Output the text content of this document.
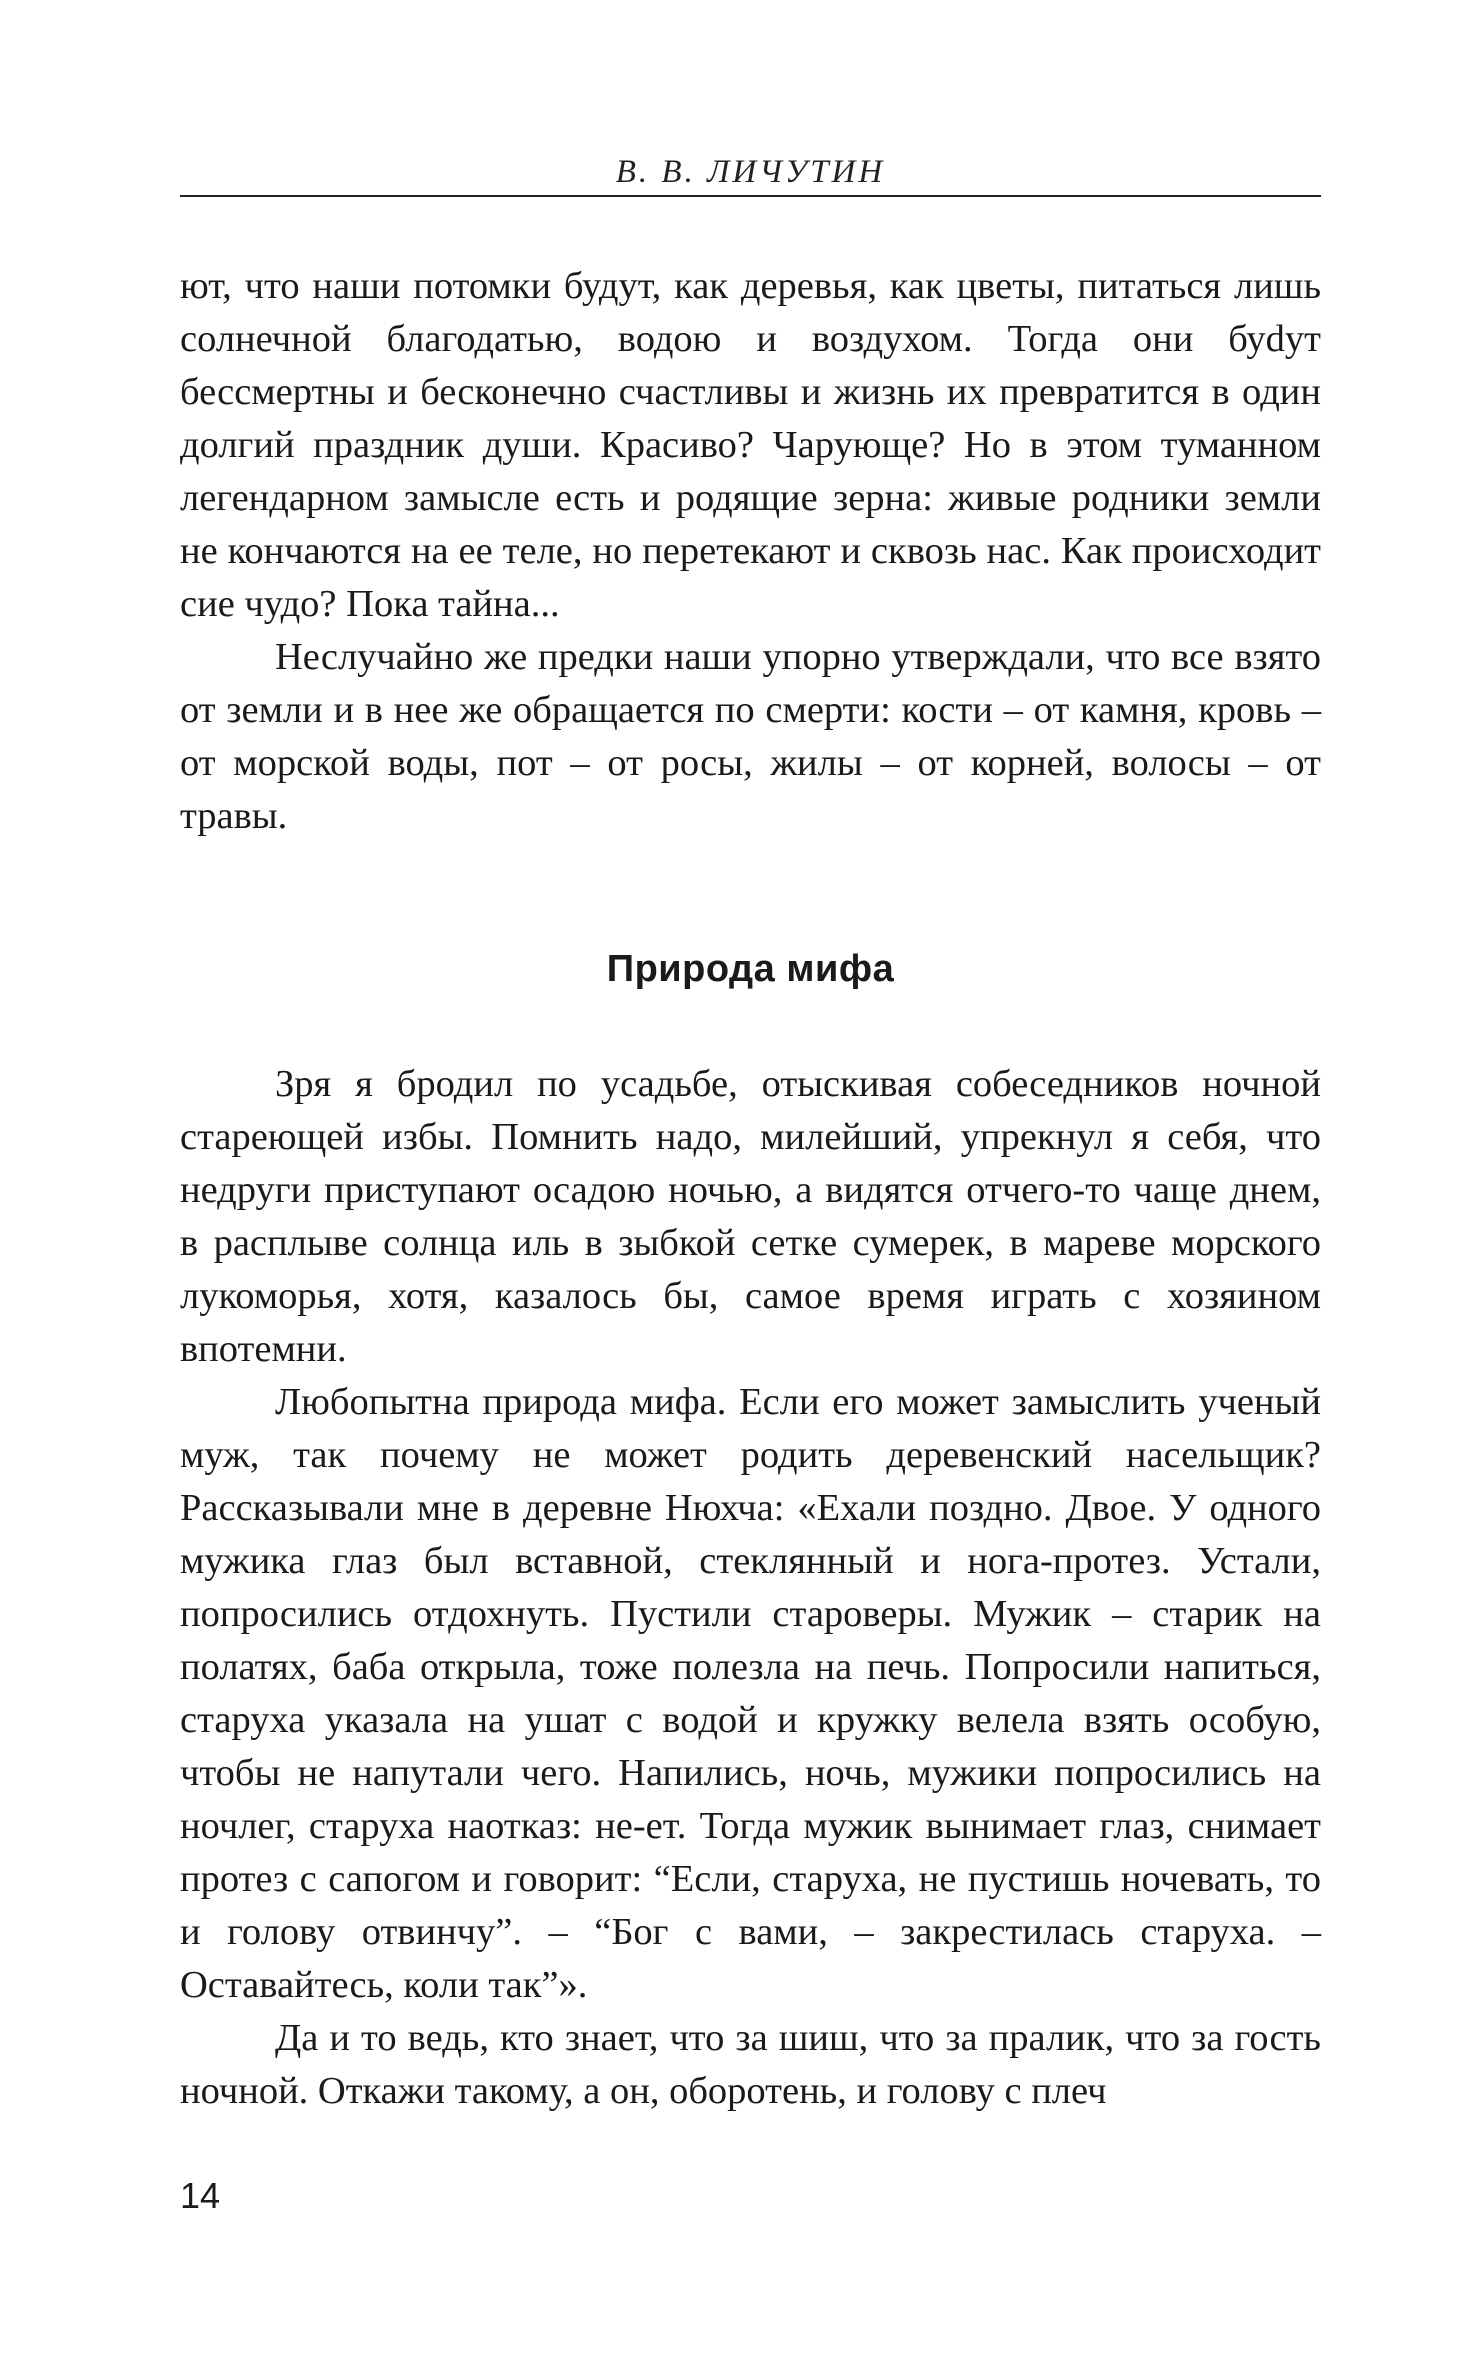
В. В. ЛИЧУТИН

ют, что наши потомки будут, как деревья, как цветы, питаться лишь солнечной благодатью, водою и воздухом. Тогда они буdут бессмертны и бесконечно счастливы и жизнь их превратится в один долгий праздник души. Красиво? Чарующе? Но в этом туманном легендарном замысле есть и родящие зерна: живые родники земли не кончаются на ее теле, но перетекают и сквозь нас. Как происходит сие чудо? Пока тайна...

Неслучайно же предки наши упорно утверждали, что все взято от земли и в нее же обращается по смерти: кости – от камня, кровь – от морской воды, пот – от росы, жилы – от корней, волосы – от травы.

Природа мифа

Зря я бродил по усадьбе, отыскивая собеседников ночной стареющей избы. Помнить надо, милейший, упрекнул я себя, что недруги приступают осадою ночью, а видятся отчего-то чаще днем, в расплыве солнца иль в зыбкой сетке сумерек, в мареве морского лукоморья, хотя, казалось бы, самое время играть с хозяином впотемни.

Любопытна природа мифа. Если его может замыслить ученый муж, так почему не может родить деревенский насельщик? Рассказывали мне в деревне Нюхча: «Ехали поздно. Двое. У одного мужика глаз был вставной, стеклянный и нога-протез. Устали, попросились отдохнуть. Пустили староверы. Мужик – старик на полатях, баба открыла, тоже полезла на печь. Попросили напиться, старуха указала на ушат с водой и кружку велела взять особую, чтобы не напутали чего. Напились, ночь, мужики попросились на ночлег, старуха наотказ: не-ет. Тогда мужик вынимает глаз, снимает протез с сапогом и говорит: “Если, старуха, не пустишь ночевать, то и голову отвинчу”. – “Бог с вами, – закрестилась старуха. – Оставайтесь, коли так”».

Да и то ведь, кто знает, что за шиш, что за пралик, что за гость ночной. Откажи такому, а он, оборотень, и голову с плеч

14
